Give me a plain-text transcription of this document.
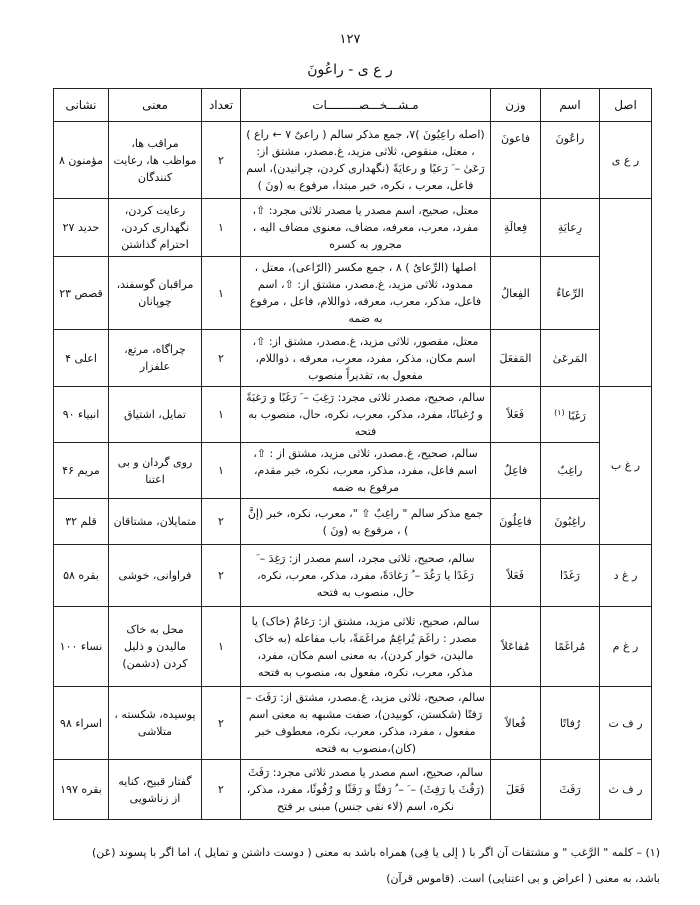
۱۲۷
ر ع ی - راعُونَ
اصل	اسم	وزن	مـشـــخـــصـــــــــات	تعداد	معنی	نشانی
ر ع ی	راعُونَ	فاعونَ	(اصله راعِيُونَ )۷، جمع مذکر سالم ( راعیٌ ۷ ← راع ) ، معتل، منقوص، ثلاثی مزید، غ.مصدر، مشتق از: رَعَیٰ – َ رَعیًا و رعایَةً (نگهداری کردن، چرانیدن)، اسم فاعل، معرب ، نکره، خبر مبتدا، مرفوع به (ونَ )	۲	مراقب ها، مواظب ها، رعایت کنندگان	مؤمنون ۸
	رِعايَةِ	فِعالَةِ	معتل، صحیح، اسم مصدر یا مصدر ثلاثی مجرد: ⇧، مفرد، معرب، معرفه، مضاف، معنوی مضاف الیه ، مجرور به کسره	۱	رعایت کردن، نگهداری کردن، احترام گذاشتن	حدید ۲۷
	الرِّعاءُ	الفِعالُ	اصلها (الرِّعایُ ) ۸ ، جمع مکسر (الرّاعی)، معتل ، ممدود، ثلاثی مزید، غ.مصدر، مشتق از: ⇧، اسم فاعل، مذکر، معرب، معرفه، ذواللام، فاعل ، مرفوع به ضمه	۱	مراقبان گوسفند، چوپانان	قصص ۲۳
	المَرعَیٰ	المَفعَلَ	معتل، مقصور، ثلاثی مزید، غ.مصدر، مشتق از: ⇧، اسم مکان، مذکر، مفرد، معرب، معرفه ، ذواللام، مفعول به، تقدیراً منصوب	۲	چراگاه، مرتع، علفزار	اعلی ۴
ر غ ب	رَغَبًا $^{(۱)}$	فَعَلاً	سالم، صحیح، مصدر ثلاثی مجرد: رَغِبَ – َ رَغَبًا و رَغبَةً و رُغبانًا، مفرد، مذکر، معرب، نکره، حال، منصوب به فتحه	۱	تمایل، اشتیاق	انبیاء ۹۰
	راغِبٌ	فاعِلٌ	سالم، صحیح، غ.مصدر، ثلاثی مزید، مشتق از : ⇧، اسم فاعل، مفرد، مذکر، معرب، نکره، خبر مقدم، مرفوع به ضمه	۱	روی گردان و بی اعتنا	مریم ۴۶
	راغِبُونَ	فاعِلُونَ	جمع مذکر سالم " راغِبٌ ⇧ "، معرب، نکره، خبر (إنَّ ) ، مرفوع به (ونَ )	۲	متمایلان، مشتاقان	قلم ۳۲
ر غ د	رَغَدًا	فَعَلاً	سالم، صحیح، ثلاثی مجرد، اسم مصدر از: رَغِدَ – َ رَغَدًا یا رَغُدَ – ُ رَغادَةً، مفرد، مذکر، معرب، نکره، حال، منصوب به فتحه	۲	فراوانی، خوشی	بقره ۵۸
ر غ م	مُراغَمًا	مُفاعَلاً	سالم، صحیح، ثلاثی مزید، مشتق از: رَغامٌ (خاک) یا مصدر : راغَمَ یُراغِمُ مراغَمَةً، باب مفاعله (به خاک مالیدن، خوار کردن)، به معنی اسم مکان، مفرد، مذکر، معرب، نکره، مفعول به، منصوب به فتحه	۱	محل به خاک مالیدن و ذلیل کردن (دشمن)	نساء ۱۰۰
ر ف ت	رُفاتًا	فُعالاً	سالم، صحیح، ثلاثی مزید، غ.مصدر، مشتق از: رَفَتَ – رَفتًا (شکستن، کوبیدن)، صفت مشبهه به معنی اسم مفعول ، مفرد، مذکر، معرب، نکره، معطوف خبر (کان)،منصوب به فتحه	۲	پوسیده، شکسته ، متلاشی	اسراء ۹۸
ر ف ث	رَفَثَ	فَعَلَ	سالم، صحیح، اسم مصدر یا مصدر ثلاثی مجرد: رَفَثَ (رَفُثَ یا رَفِثَ) – َ – ُ رَفثًا و رَفَثًا و رُفُوثًا، مفرد، مذکر، نکره، اسم (لاء نفی جنس) مبنی بر فتح	۲	گفتار قبیح، کنایه از زناشویی	بقره ۱۹۷
(۱) – کلمه " الرَّغب " و مشتقات آن اگر با ( إلی یا فِی) همراه باشد به معنی ( دوست داشتن و تمایل )، اما اگر با پسوند (عَن)
باشد، به معنی ( اعراض و بی اعتنایی) است. (قاموس قرآن)
